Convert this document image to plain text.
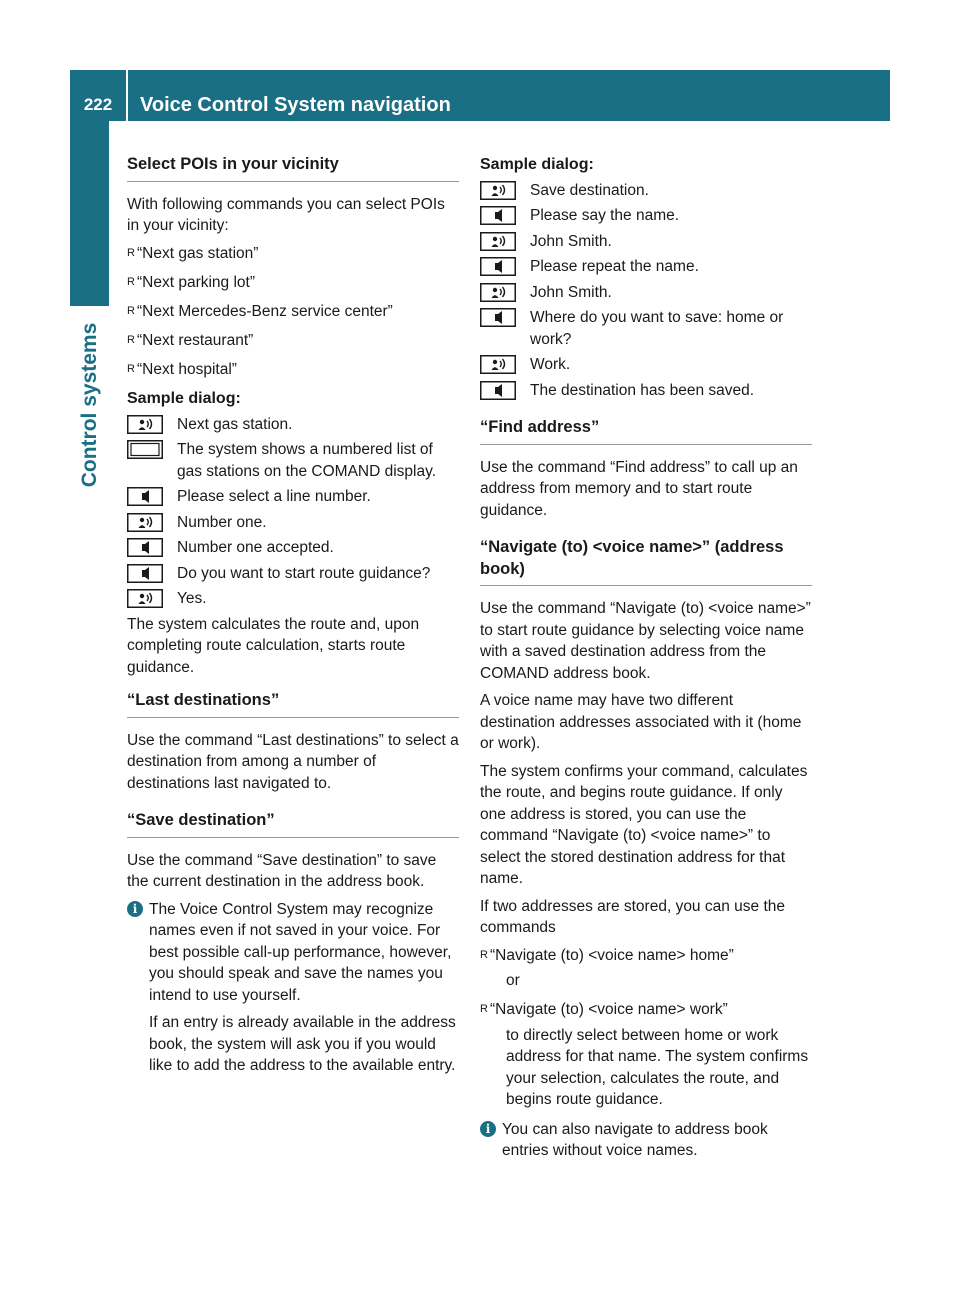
222	Voice Control System navigation
Control systems
Select POIs in your vicinity

With following commands you can select POIs in your vicinity:

R “Next gas station”
R “Next parking lot”
R “Next Mercedes-Benz service center”
R “Next restaurant”
R “Next hospital”
Sample dialog:
Next gas station.
The system shows a numbered list of gas stations on the COMAND display.
Please select a line number.
Number one.
Number one accepted.
Do you want to start route guidance?
Yes.

The system calculates the route and, upon completing route calculation, starts route guidance.

“Last destinations”

Use the command “Last destinations” to select a destination from among a number of destinations last navigated to.

“Save destination”

Use the command “Save destination” to save the current destination in the address book.

i The Voice Control System may recognize names even if not saved in your voice. For best possible call-up performance, however, you should speak and save the names you intend to use yourself.

If an entry is already available in the address book, the system will ask you if you would like to add the address to the available entry.

Sample dialog:
Save destination.
Please say the name.
John Smith.
Please repeat the name.
John Smith.
Where do you want to save: home or work?
Work.
The destination has been saved.
“Find address”

Use the command “Find address” to call up an address from memory and to start route guidance.

“Navigate (to) <voice name>” (address book)

Use the command “Navigate (to) <voice name>” to start route guidance by selecting voice name with a saved destination address from the COMAND address book.

A voice name may have two different destination addresses associated with it (home or work).

The system confirms your command, calculates the route, and begins route guidance. If only one address is stored, you can use the command “Navigate (to) <voice name>” to select the stored destination address for that name.

If two addresses are stored, you can use the commands

R “Navigate (to) <voice name> home”
or
R “Navigate (to) <voice name> work”
to directly select between home or work address for that name. The system confirms your selection, calculates the route, and begins route guidance.
i You can also navigate to address book entries without voice names.
